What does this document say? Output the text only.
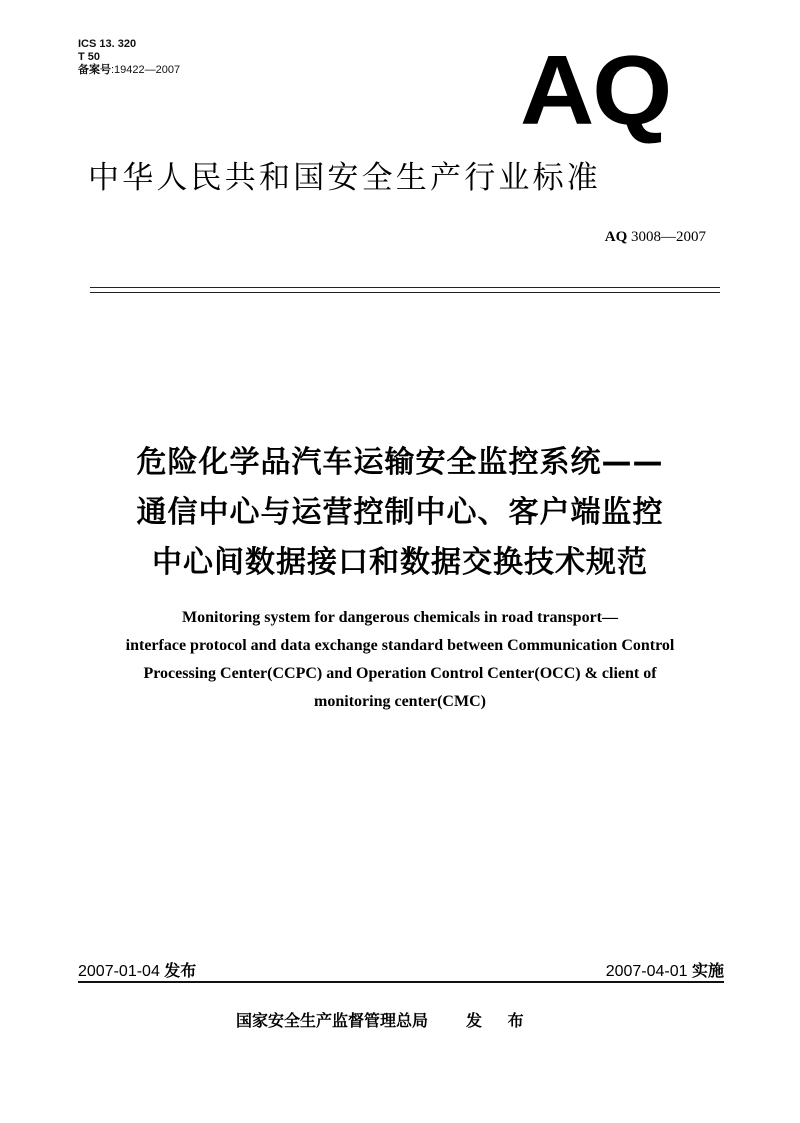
ICS 13. 320
T 50
备案号:19422—2007	AQ
中华人民共和国安全生产行业标准
AQ 3008—2007
危险化学品汽车运输安全监控系统——
通信中心与运营控制中心、客户端监控
中心间数据接口和数据交换技术规范
Monitoring system for dangerous chemicals in road transport—
interface protocol and data exchange standard between Communication Control
Processing Center(CCPC) and Operation Control Center(OCC) & client of
monitoring center(CMC)
2007-01-04 发布	2007-04-01 实施
国家安全生产监督管理总局 发 布
